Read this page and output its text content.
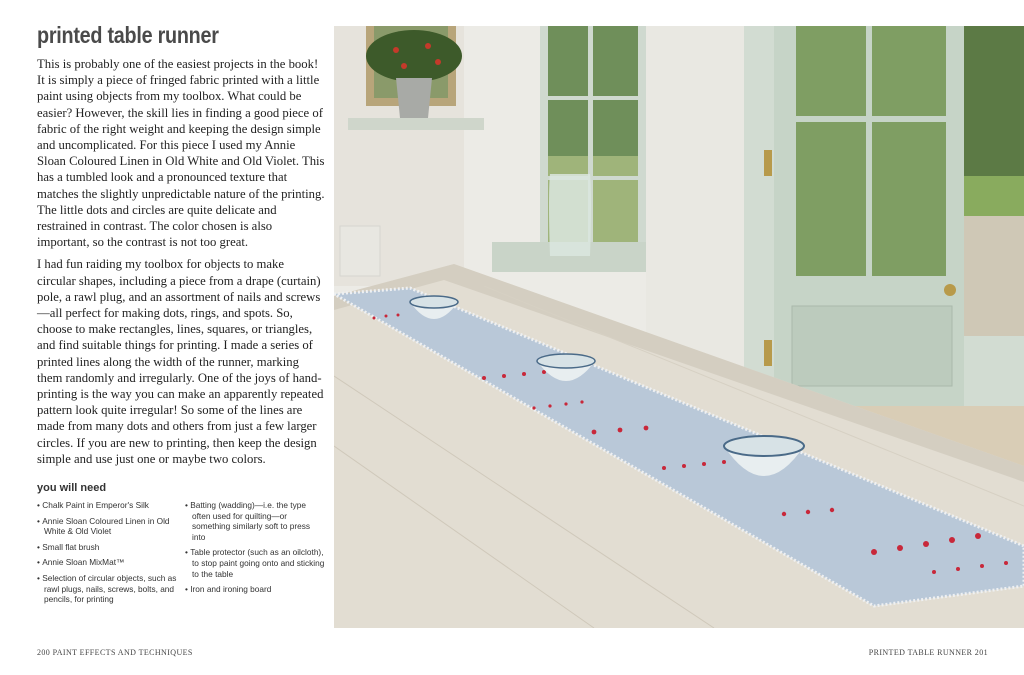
printed table runner

This is probably one of the easiest projects in the book! It is simply a piece of fringed fabric printed with a little paint using objects from my toolbox. What could be easier? However, the skill lies in finding a good piece of fabric of the right weight and keeping the design simple and uncomplicated. For this piece I used my Annie Sloan Coloured Linen in Old White and Old Violet. This has a tumbled look and a pronounced texture that matches the slightly unpredictable nature of the printing. The little dots and circles are quite delicate and restrained in contrast. The color chosen is also important, so the contrast is not too great.

I had fun raiding my toolbox for objects to make circular shapes, including a piece from a drape (curtain) pole, a rawl plug, and an assortment of nails and screws—all perfect for making dots, rings, and spots. So, choose to make rectangles, lines, squares, or triangles, and find suitable things for printing. I made a series of printed lines along the width of the runner, marking them randomly and irregularly. One of the joys of hand-printing is the way you can make an apparently repeated pattern look quite irregular! So some of the lines are made from many dots and others from just a few larger circles. If you are new to printing, then keep the design simple and use just one or maybe two colors.

you will need
• Chalk Paint in Emperor's Silk
• Annie Sloan Coloured Linen in Old White & Old Violet
• Small flat brush
• Annie Sloan MixMat™
• Selection of circular objects, such as rawl plugs, nails, screws, bolts, and pencils, for printing
• Batting (wadding)—i.e. the type often used for quilting—or something similarly soft to press into
• Table protector (such as an oilcloth), to stop paint going onto and sticking to the table
• Iron and ironing board
200 PAINT EFFECTS AND TECHNIQUES	PRINTED TABLE RUNNER 201
